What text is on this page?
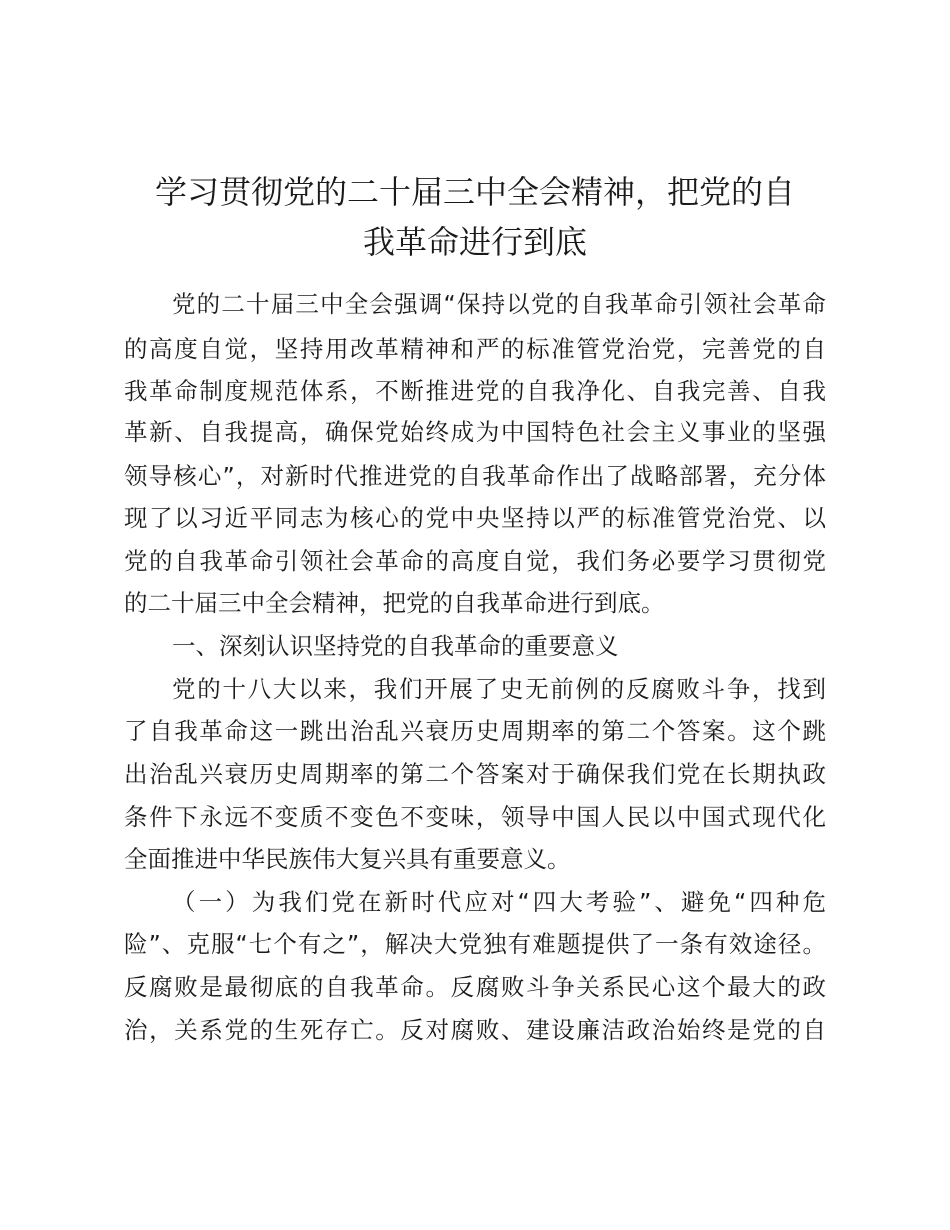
学习贯彻党的二十届三中全会精神，把党的自
我革命进行到底

党的二十届三中全会强调“保持以党的自我革命引领社会革命

的高度自觉，坚持用改革精神和严的标准管党治党，完善党的自

我革命制度规范体系，不断推进党的自我净化、自我完善、自我

革新、自我提高，确保党始终成为中国特色社会主义事业的坚强

领导核心”，对新时代推进党的自我革命作出了战略部署，充分体

现了以习近平同志为核心的党中央坚持以严的标准管党治党、以

党的自我革命引领社会革命的高度自觉，我们务必要学习贯彻党

的二十届三中全会精神，把党的自我革命进行到底。

一、深刻认识坚持党的自我革命的重要意义

党的十八大以来，我们开展了史无前例的反腐败斗争，找到

了自我革命这一跳出治乱兴衰历史周期率的第二个答案。这个跳

出治乱兴衰历史周期率的第二个答案对于确保我们党在长期执政

条件下永远不变质不变色不变味，领导中国人民以中国式现代化

全面推进中华民族伟大复兴具有重要意义。

（一）为我们党在新时代应对“四大考验”、避免“四种危

险”、克服“七个有之”，解决大党独有难题提供了一条有效途径。

反腐败是最彻底的自我革命。反腐败斗争关系民心这个最大的政

治，关系党的生死存亡。反对腐败、建设廉洁政治始终是党的自
